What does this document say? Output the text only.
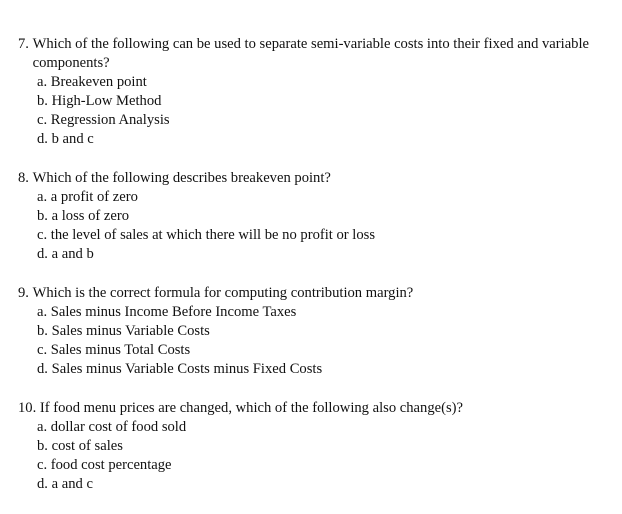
7.
Which of the following can be used to separate semi-variable costs into their fixed and variable components?
a. Breakeven point
b. High-Low Method
c. Regression Analysis
d. b and c
8.
Which of the following describes breakeven point?
a. a profit of zero
b. a loss of zero
c. the level of sales at which there will be no profit or loss
d. a and b
9.
Which is the correct formula for computing contribution margin?
a. Sales minus Income Before Income Taxes
b. Sales minus Variable Costs
c. Sales minus Total Costs
d. Sales minus Variable Costs minus Fixed Costs
10.
If food menu prices are changed, which of the following also change(s)?
a. dollar cost of food sold
b. cost of sales
c. food cost percentage
d. a and c
